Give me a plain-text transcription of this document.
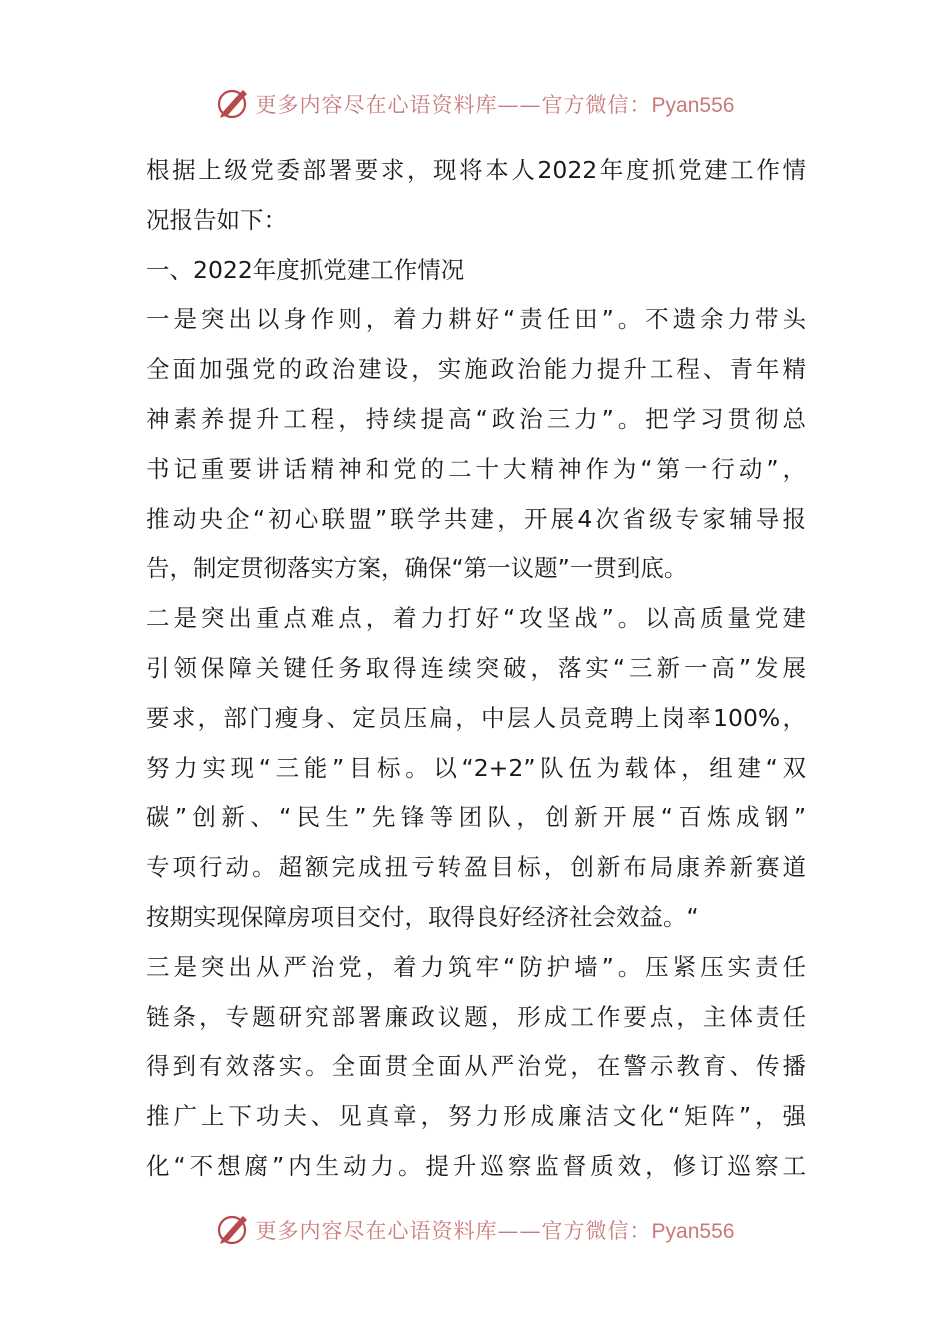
更多内容尽在心语资料库——官方微信：Pyan556
根据上级党委部署要求，现将本人2022年度抓党建工作情
况报告如下：
一、2022年度抓党建工作情况
一是突出以身作则，着力耕好“责任田”。不遗余力带头
全面加强党的政治建设，实施政治能力提升工程、青年精
神素养提升工程，持续提高“政治三力”。把学习贯彻总
书记重要讲话精神和党的二十大精神作为“第一行动”，
推动央企“初心联盟”联学共建，开展4次省级专家辅导报
告，制定贯彻落实方案，确保“第一议题”一贯到底。
二是突出重点难点，着力打好“攻坚战”。以高质量党建
引领保障关键任务取得连续突破，落实“三新一高”发展
要求，部门瘦身、定员压扁，中层人员竞聘上岗率100%，
努力实现“三能”目标。以“2+2”队伍为载体，组建“双
碳”创新、“民生”先锋等团队，创新开展“百炼成钢”
专项行动。超额完成扭亏转盈目标，创新布局康养新赛道
按期实现保障房项目交付，取得良好经济社会效益。“
三是突出从严治党，着力筑牢“防护墙”。压紧压实责任
链条，专题研究部署廉政议题，形成工作要点，主体责任
得到有效落实。全面贯全面从严治党，在警示教育、传播
推广上下功夫、见真章，努力形成廉洁文化“矩阵”，强
化“不想腐”内生动力。提升巡察监督质效，修订巡察工
更多内容尽在心语资料库——官方微信：Pyan556
